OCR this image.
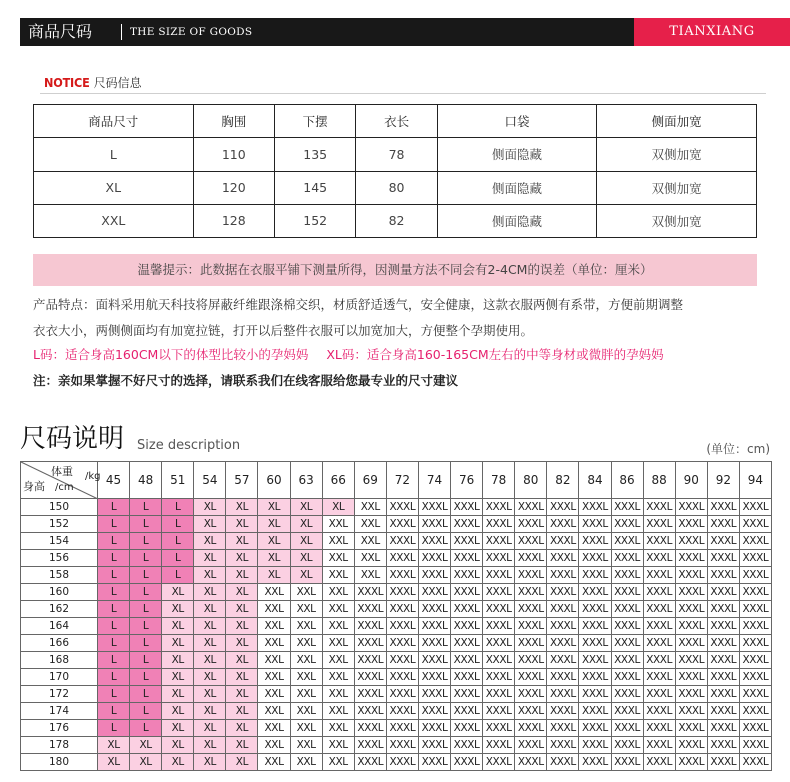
商品尺码	THE SIZE OF GOODS	TIANXIANG
NOTICE 尺码信息
商品尺寸	胸围	下摆	衣长	口袋	侧面加宽
L	110	135	78	侧面隐藏	双侧加宽
XL	120	145	80	侧面隐藏	双侧加宽
XXL	128	152	82	侧面隐藏	双侧加宽
温馨提示：此数据在衣服平铺下测量所得，因测量方法不同会有2-4CM的误差（单位：厘米）
产品特点：面料采用航天科技将屏蔽纤维跟涤棉交织，材质舒适透气，安全健康，这款衣服两侧有系带，方便前期调整
衣衣大小，两侧侧面均有加宽拉链，打开以后整件衣服可以加宽加大，方便整个孕期使用。
L码：适合身高160CM以下的体型比较小的孕妈妈 XL码：适合身高160-165CM左右的中等身材或微胖的孕妈妈
注：亲如果掌握不好尺寸的选择，请联系我们在线客服给您最专业的尺寸建议
尺码说明 Size description	(单位：cm)
体重 /kg
身高 /cm	45	48	51	54	57	60	63	66	69	72	74	76	78	80	82	84	86	88	90	92	94
150	L	L	L	XL	XL	XL	XL	XL	XXL	XXXL	XXXL	XXXL	XXXL	XXXL	XXXL	XXXL	XXXL	XXXL	XXXL	XXXL	XXXL
152	L	L	L	XL	XL	XL	XL	XXL	XXL	XXXL	XXXL	XXXL	XXXL	XXXL	XXXL	XXXL	XXXL	XXXL	XXXL	XXXL	XXXL
154	L	L	L	XL	XL	XL	XL	XXL	XXL	XXXL	XXXL	XXXL	XXXL	XXXL	XXXL	XXXL	XXXL	XXXL	XXXL	XXXL	XXXL
156	L	L	L	XL	XL	XL	XL	XXL	XXL	XXXL	XXXL	XXXL	XXXL	XXXL	XXXL	XXXL	XXXL	XXXL	XXXL	XXXL	XXXL
158	L	L	L	XL	XL	XL	XL	XXL	XXL	XXXL	XXXL	XXXL	XXXL	XXXL	XXXL	XXXL	XXXL	XXXL	XXXL	XXXL	XXXL
160	L	L	XL	XL	XL	XXL	XXL	XXL	XXXL	XXXL	XXXL	XXXL	XXXL	XXXL	XXXL	XXXL	XXXL	XXXL	XXXL	XXXL	XXXL
162	L	L	XL	XL	XL	XXL	XXL	XXL	XXXL	XXXL	XXXL	XXXL	XXXL	XXXL	XXXL	XXXL	XXXL	XXXL	XXXL	XXXL	XXXL
164	L	L	XL	XL	XL	XXL	XXL	XXL	XXXL	XXXL	XXXL	XXXL	XXXL	XXXL	XXXL	XXXL	XXXL	XXXL	XXXL	XXXL	XXXL
166	L	L	XL	XL	XL	XXL	XXL	XXL	XXXL	XXXL	XXXL	XXXL	XXXL	XXXL	XXXL	XXXL	XXXL	XXXL	XXXL	XXXL	XXXL
168	L	L	XL	XL	XL	XXL	XXL	XXL	XXXL	XXXL	XXXL	XXXL	XXXL	XXXL	XXXL	XXXL	XXXL	XXXL	XXXL	XXXL	XXXL
170	L	L	XL	XL	XL	XXL	XXL	XXL	XXXL	XXXL	XXXL	XXXL	XXXL	XXXL	XXXL	XXXL	XXXL	XXXL	XXXL	XXXL	XXXL
172	L	L	XL	XL	XL	XXL	XXL	XXL	XXXL	XXXL	XXXL	XXXL	XXXL	XXXL	XXXL	XXXL	XXXL	XXXL	XXXL	XXXL	XXXL
174	L	L	XL	XL	XL	XXL	XXL	XXL	XXXL	XXXL	XXXL	XXXL	XXXL	XXXL	XXXL	XXXL	XXXL	XXXL	XXXL	XXXL	XXXL
176	L	L	XL	XL	XL	XXL	XXL	XXL	XXXL	XXXL	XXXL	XXXL	XXXL	XXXL	XXXL	XXXL	XXXL	XXXL	XXXL	XXXL	XXXL
178	XL	XL	XL	XL	XL	XXL	XXL	XXL	XXXL	XXXL	XXXL	XXXL	XXXL	XXXL	XXXL	XXXL	XXXL	XXXL	XXXL	XXXL	XXXL
180	XL	XL	XL	XL	XL	XXL	XXL	XXL	XXXL	XXXL	XXXL	XXXL	XXXL	XXXL	XXXL	XXXL	XXXL	XXXL	XXXL	XXXL	XXXL
